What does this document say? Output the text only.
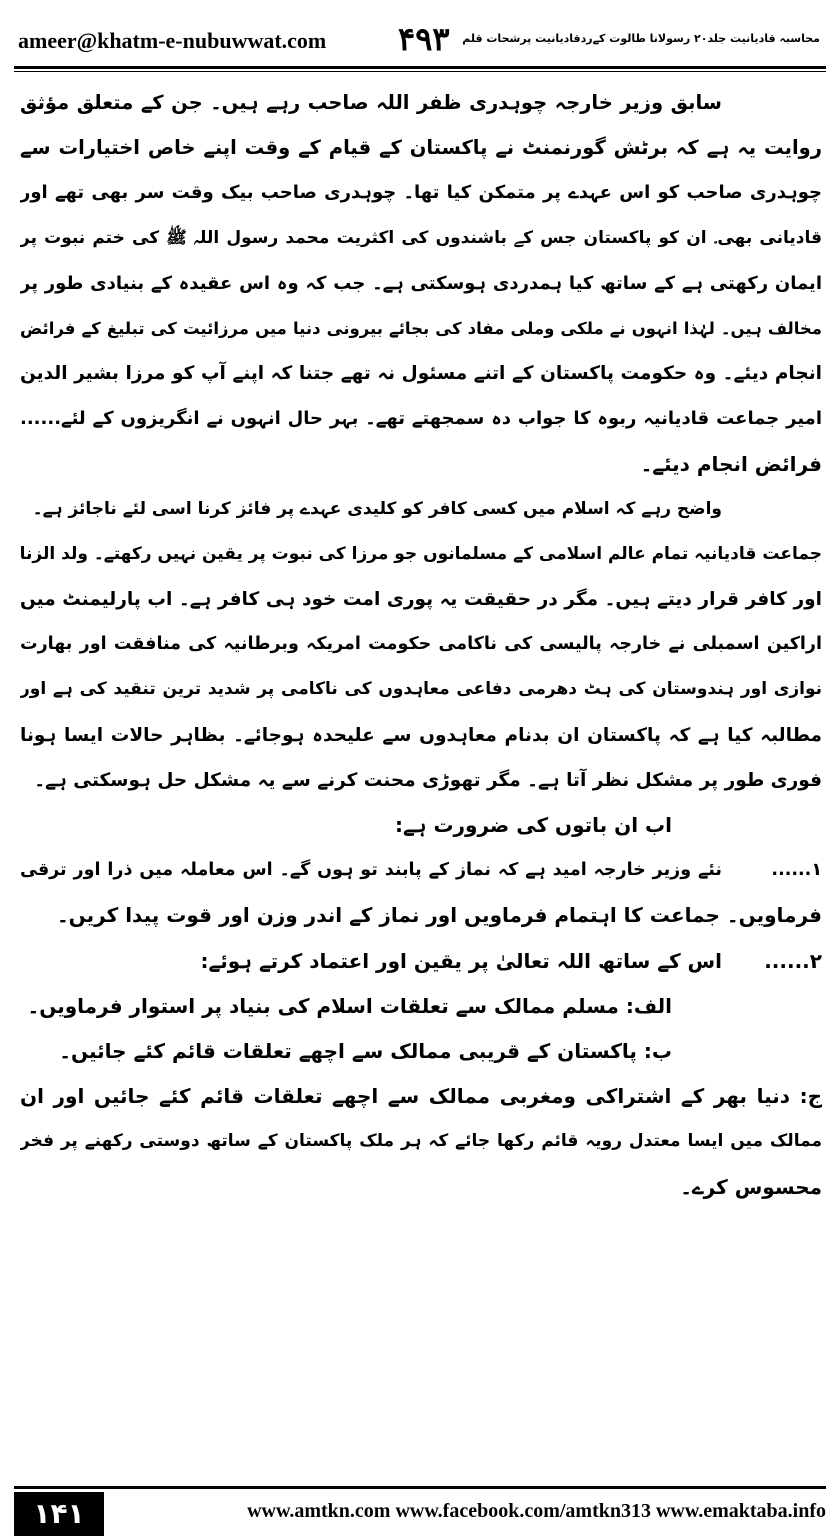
ameer@khatm-e-nubuwwat.com ۴۹۳	محاسبہ قادیانیت جلد۲۰ رسولانا طالوت کےردقادیانیت پرشحات قلم
سابق وزیر خارجہ چوہدری ظفر اللہ صاحب رہے ہیں۔ جن کے متعلق مؤثق
روایت یہ ہے کہ برٹش گورنمنٹ نے پاکستان کے قیام کے وقت اپنے خاص اختیارات سے
چوہدری صاحب کو اس عہدے پر متمکن کیا تھا۔ چوہدری صاحب بیک وقت سر بھی تھے اور
قادیانی بھی۔ ان کو پاکستان جس کے باشندوں کی اکثریت محمد رسول اللہ ﷺ کی ختم نبوت پر
ایمان رکھتی ہے کے ساتھ کیا ہمدردی ہوسکتی ہے۔ جب کہ وہ اس عقیدہ کے بنیادی طور پر
مخالف ہیں۔ لہٰذا انہوں نے ملکی وملی مفاد کی بجائے بیرونی دنیا میں مرزائیت کی تبلیغ کے فرائض
انجام دیئے۔ وہ حکومت پاکستان کے اتنے مسئول نہ تھے جتنا کہ اپنے آپ کو مرزا بشیر الدین
امیر جماعت قادیانیہ ربوہ کا جواب دہ سمجھتے تھے۔ بہر حال انہوں نے انگریزوں کے لئے......
فرائض انجام دیئے۔
واضح رہے کہ اسلام میں کسی کافر کو کلیدی عہدے پر فائز کرنا اسی لئے ناجائز ہے۔
جماعت قادیانیہ تمام عالم اسلامی کے مسلمانوں جو مرزا کی نبوت پر یقین نہیں رکھتے۔ ولد الزنا
اور کافر قرار دیتے ہیں۔ مگر در حقیقت یہ پوری امت خود ہی کافر ہے۔ اب پارلیمنٹ میں
اراکین اسمبلی نے خارجہ پالیسی کی ناکامی حکومت امریکہ وبرطانیہ کی منافقت اور بھارت
نوازی اور ہندوستان کی ہٹ دھرمی دفاعی معاہدوں کی ناکامی پر شدید ترین تنقید کی ہے اور
مطالبہ کیا ہے کہ پاکستان ان بدنام معاہدوں سے علیحدہ ہوجائے۔ بظاہر حالات ایسا ہونا
فوری طور پر مشکل نظر آتا ہے۔ مگر تھوڑی محنت کرنے سے یہ مشکل حل ہوسکتی ہے۔
اب ان باتوں کی ضرورت ہے:
۱......نئے وزیر خارجہ امید ہے کہ نماز کے پابند تو ہوں گے۔ اس معاملہ میں ذرا اور ترقی
فرماویں۔ جماعت کا اہتمام فرماویں اور نماز کے اندر وزن اور قوت پیدا کریں۔
۲......اس کے ساتھ اللہ تعالیٰ پر یقین اور اعتماد کرتے ہوئے:
الف: مسلم ممالک سے تعلقات اسلام کی بنیاد پر استوار فرماویں۔
ب: پاکستان کے قریبی ممالک سے اچھے تعلقات قائم کئے جائیں۔
ج: دنیا بھر کے اشتراکی ومغربی ممالک سے اچھے تعلقات قائم کئے جائیں اور ان
ممالک میں ایسا معتدل رویہ قائم رکھا جائے کہ ہر ملک پاکستان کے ساتھ دوستی رکھنے پر فخر
محسوس کرے۔
۱۴۱	www.amtkn.com www.facebook.com/amtkn313 www.emaktaba.info
